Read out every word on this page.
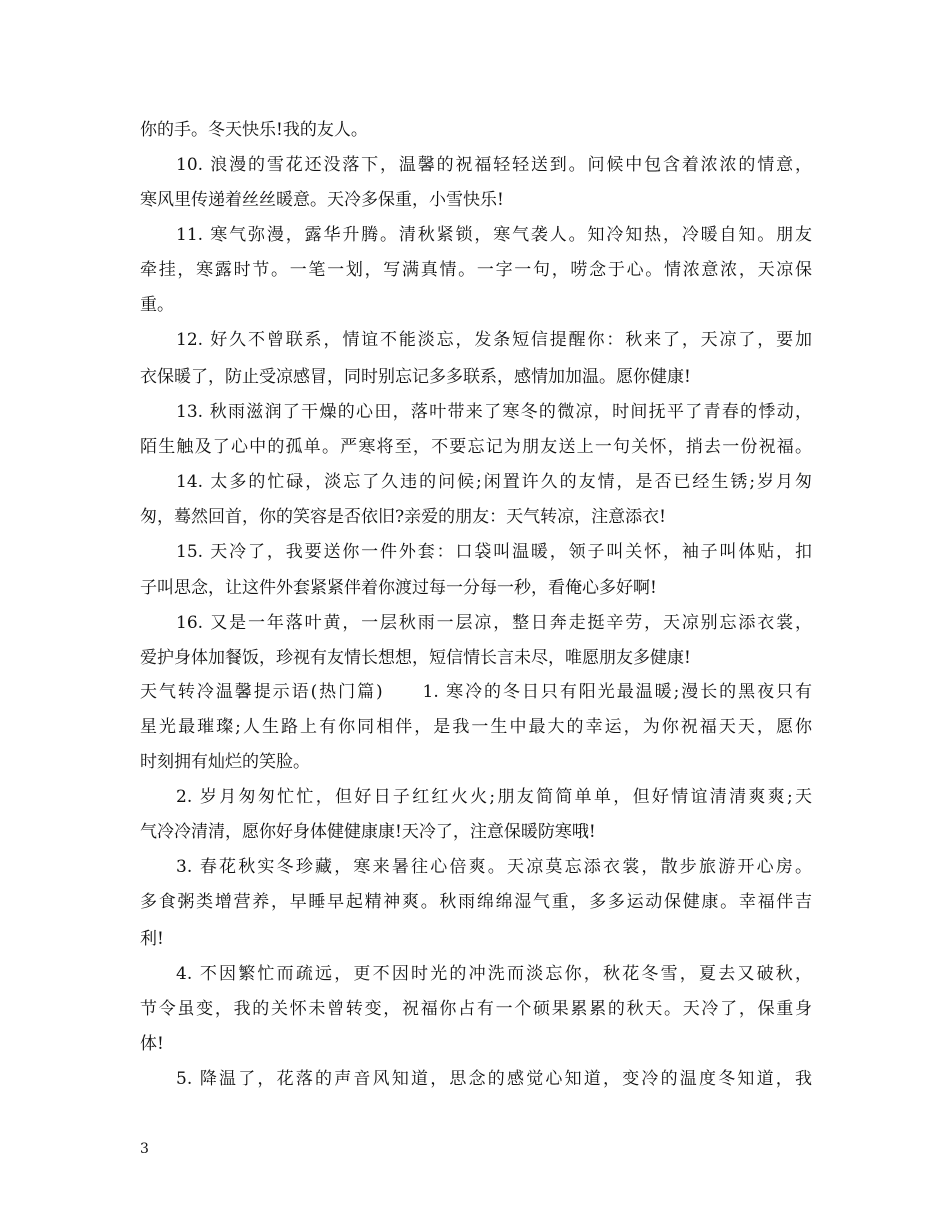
你的手。冬天快乐!我的友人。
10. 浪漫的雪花还没落下，温馨的祝福轻轻送到。问候中包含着浓浓的情意，
寒风里传递着丝丝暖意。天冷多保重，小雪快乐!
11. 寒气弥漫，露华升腾。清秋紧锁，寒气袭人。知冷知热，冷暖自知。朋友
牵挂，寒露时节。一笔一划，写满真情。一字一句，唠念于心。情浓意浓，天凉保
重。
12. 好久不曾联系，情谊不能淡忘，发条短信提醒你：秋来了，天凉了，要加
衣保暖了，防止受凉感冒，同时别忘记多多联系，感情加加温。愿你健康!
13. 秋雨滋润了干燥的心田，落叶带来了寒冬的微凉，时间抚平了青春的悸动，
陌生触及了心中的孤单。严寒将至，不要忘记为朋友送上一句关怀，捎去一份祝福。
14. 太多的忙碌，淡忘了久违的问候;闲置许久的友情，是否已经生锈;岁月匆
匆，蓦然回首，你的笑容是否依旧?亲爱的朋友：天气转凉，注意添衣!
15. 天冷了，我要送你一件外套：口袋叫温暖，领子叫关怀，袖子叫体贴，扣
子叫思念，让这件外套紧紧伴着你渡过每一分每一秒，看俺心多好啊!
16. 又是一年落叶黄，一层秋雨一层凉，整日奔走挺辛劳，天凉别忘添衣裳，
爱护身体加餐饭，珍视有友情长想想，短信情长言未尽，唯愿朋友多健康!
天气转冷温馨提示语(热门篇)　　1. 寒冷的冬日只有阳光最温暖;漫长的黑夜只有
星光最璀璨;人生路上有你同相伴，是我一生中最大的幸运，为你祝福天天，愿你
时刻拥有灿烂的笑脸。
2. 岁月匆匆忙忙，但好日子红红火火;朋友简简单单，但好情谊清清爽爽;天
气冷冷清清，愿你好身体健健康康!天冷了，注意保暖防寒哦!
3. 春花秋实冬珍藏，寒来暑往心倍爽。天凉莫忘添衣裳，散步旅游开心房。
多食粥类增营养，早睡早起精神爽。秋雨绵绵湿气重，多多运动保健康。幸福伴吉
利!
4. 不因繁忙而疏远，更不因时光的冲洗而淡忘你，秋花冬雪，夏去又破秋，
节令虽变，我的关怀未曾转变，祝福你占有一个硕果累累的秋天。天冷了，保重身
体!
5. 降温了，花落的声音风知道，思念的感觉心知道，变冷的温度冬知道，我
3
